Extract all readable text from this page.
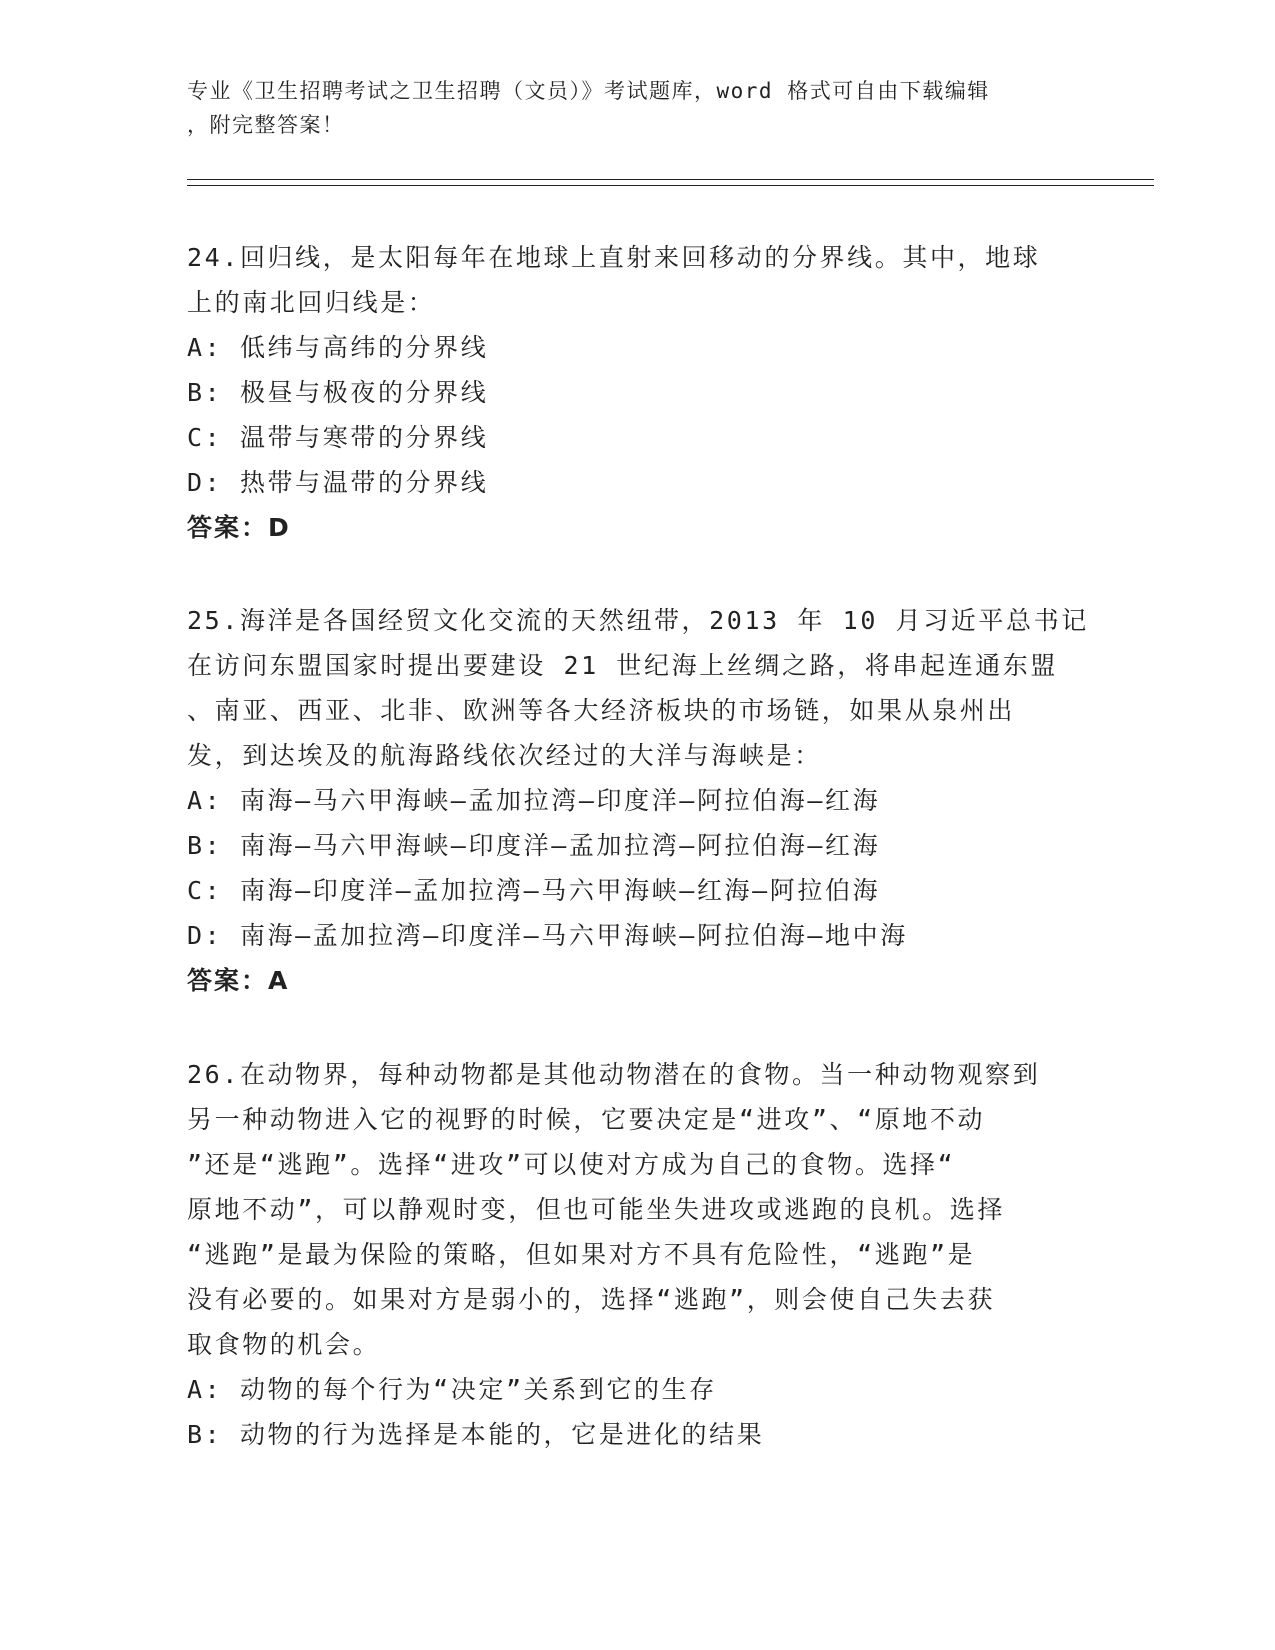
专业《卫生招聘考试之卫生招聘（文员）》考试题库，word 格式可自由下载编辑
，附完整答案！
24.回归线，是太阳每年在地球上直射来回移动的分界线。其中，地球
上的南北回归线是：
A: 低纬与高纬的分界线
B: 极昼与极夜的分界线
C: 温带与寒带的分界线
D: 热带与温带的分界线
答案：D
25.海洋是各国经贸文化交流的天然纽带，2013 年 10 月习近平总书记
在访问东盟国家时提出要建设 21 世纪海上丝绸之路，将串起连通东盟
、南亚、西亚、北非、欧洲等各大经济板块的市场链，如果从泉州出
发，到达埃及的航海路线依次经过的大洋与海峡是：
A: 南海—马六甲海峡—孟加拉湾—印度洋—阿拉伯海—红海
B: 南海—马六甲海峡—印度洋—孟加拉湾—阿拉伯海—红海
C: 南海—印度洋—孟加拉湾—马六甲海峡—红海—阿拉伯海
D: 南海—孟加拉湾—印度洋—马六甲海峡—阿拉伯海—地中海
答案：A
26.在动物界，每种动物都是其他动物潜在的食物。当一种动物观察到
另一种动物进入它的视野的时候，它要决定是“进攻”、“原地不动
”还是“逃跑”。选择“进攻”可以使对方成为自己的食物。选择“
原地不动”，可以静观时变，但也可能坐失进攻或逃跑的良机。选择
“逃跑”是最为保险的策略，但如果对方不具有危险性，“逃跑”是
没有必要的。如果对方是弱小的，选择“逃跑”，则会使自己失去获
取食物的机会。
A: 动物的每个行为“决定”关系到它的生存
B: 动物的行为选择是本能的，它是进化的结果
